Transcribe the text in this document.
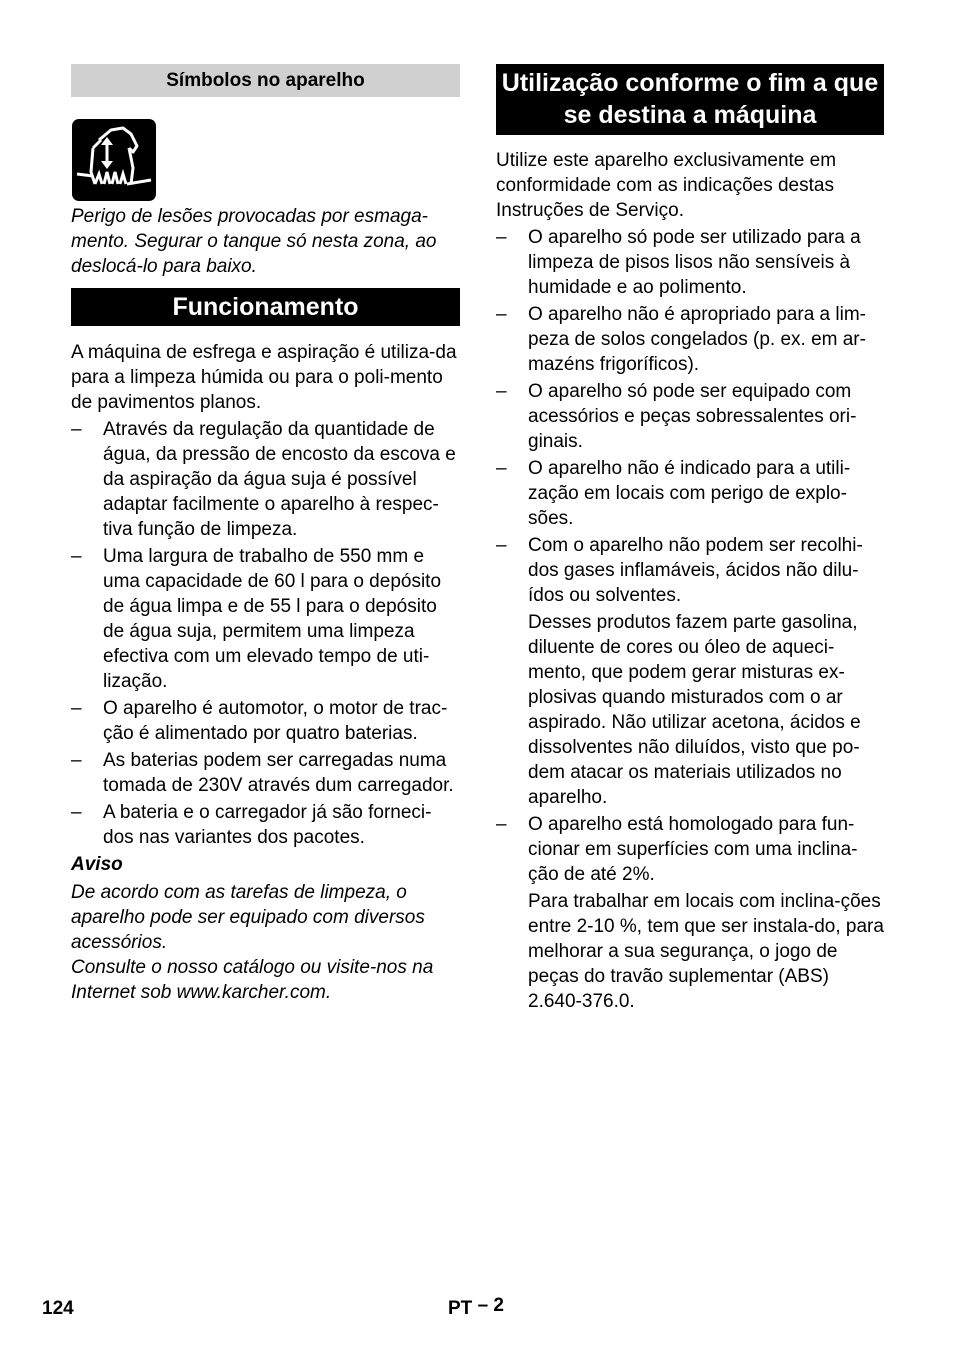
Símbolos no aparelho

Perigo de lesões provocadas por esmaga-mento. Segurar o tanque só nesta zona, ao deslocá-lo para baixo.

Funcionamento

A máquina de esfrega e aspiração é utiliza-da para a limpeza húmida ou para o poli-mento de pavimentos planos.

– Através da regulação da quantidade de água, da pressão de encosto da escova e da aspiração da água suja é possível adaptar facilmente o aparelho à respec-tiva função de limpeza.
– Uma largura de trabalho de 550 mm e uma capacidade de 60 l para o depósito de água limpa e de 55 l para o depósito de água suja, permitem uma limpeza efectiva com um elevado tempo de uti-lização.
– O aparelho é automotor, o motor de trac-ção é alimentado por quatro baterias.
– As baterias podem ser carregadas numa tomada de 230V através dum carregador.
– A bateria e o carregador já são forneci-dos nas variantes dos pacotes.

Aviso

De acordo com as tarefas de limpeza, o aparelho pode ser equipado com diversos acessórios.

Consulte o nosso catálogo ou visite-nos na Internet sob www.karcher.com.

Utilização conforme o fim a que se destina a máquina

Utilize este aparelho exclusivamente em conformidade com as indicações destas Instruções de Serviço.

– O aparelho só pode ser utilizado para a limpeza de pisos lisos não sensíveis à humidade e ao polimento.
– O aparelho não é apropriado para a lim-peza de solos congelados (p. ex. em ar-mazéns frigoríficos).
– O aparelho só pode ser equipado com acessórios e peças sobressalentes ori-ginais.
– O aparelho não é indicado para a utili-zação em locais com perigo de explo-sões.
– Com o aparelho não podem ser recolhi-dos gases inflamáveis, ácidos não dilu-ídos ou solventes.

Desses produtos fazem parte gasolina, diluente de cores ou óleo de aqueci-mento, que podem gerar misturas ex-plosivas quando misturados com o ar aspirado. Não utilizar acetona, ácidos e dissolventes não diluídos, visto que po-dem atacar os materiais utilizados no aparelho.

– O aparelho está homologado para fun-cionar em superfícies com uma inclina-ção de até 2%.

Para trabalhar em locais com inclina-ções entre 2-10 %, tem que ser instala-do, para melhorar a sua segurança, o jogo de peças do travão suplementar (ABS) 2.640-376.0.

124	PT – 2
